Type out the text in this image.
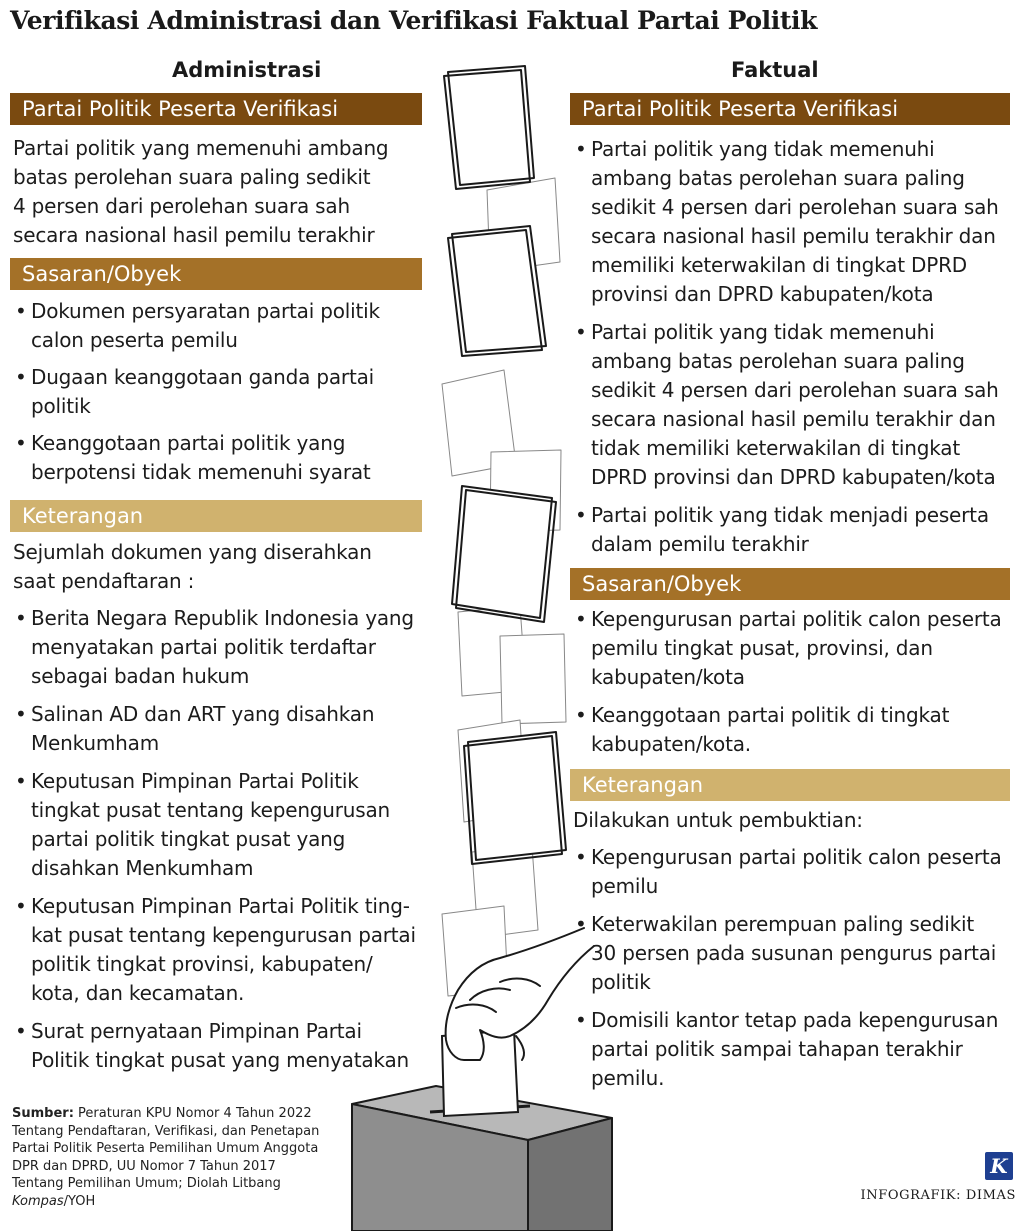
Verifikasi Administrasi dan Verifikasi Faktual Partai Politik
Administrasi	Faktual
Partai Politik Peserta Verifikasi

Partai politik yang memenuhi ambang

batas perolehan suara paling sedikit

4 persen dari perolehan suara sah

secara nasional hasil pemilu terakhir

Sasaran/Obyek

• Dokumen persyaratan partai politik

calon peserta pemilu

• Dugaan keanggotaan ganda partai

politik

• Keanggotaan partai politik yang

berpotensi tidak memenuhi syarat

Keterangan

Sejumlah dokumen yang diserahkan

saat pendaftaran :

• Berita Negara Republik Indonesia yang

menyatakan partai politik terdaftar

sebagai badan hukum

• Salinan AD dan ART yang disahkan

Menkumham

• Keputusan Pimpinan Partai Politik

tingkat pusat tentang kepengurusan

partai politik tingkat pusat yang

disahkan Menkumham

• Keputusan Pimpinan Partai Politik ting-

kat pusat tentang kepengurusan partai

politik tingkat provinsi, kabupaten/

kota, dan kecamatan.

• Surat pernyataan Pimpinan Partai

Politik tingkat pusat yang menyatakan

Partai Politik Peserta Verifikasi

• Partai politik yang tidak memenuhi

ambang batas perolehan suara paling

sedikit 4 persen dari perolehan suara sah

secara nasional hasil pemilu terakhir dan

memiliki keterwakilan di tingkat DPRD

provinsi dan DPRD kabupaten/kota

• Partai politik yang tidak memenuhi

ambang batas perolehan suara paling

sedikit 4 persen dari perolehan suara sah

secara nasional hasil pemilu terakhir dan

tidak memiliki keterwakilan di tingkat

DPRD provinsi dan DPRD kabupaten/kota

• Partai politik yang tidak menjadi peserta

dalam pemilu terakhir

Sasaran/Obyek

• Kepengurusan partai politik calon peserta

pemilu tingkat pusat, provinsi, dan

kabupaten/kota

• Keanggotaan partai politik di tingkat

kabupaten/kota.

Keterangan

Dilakukan untuk pembuktian:

• Kepengurusan partai politik calon peserta

pemilu

• Keterwakilan perempuan paling sedikit

30 persen pada susunan pengurus partai

politik

• Domisili kantor tetap pada kepengurusan

partai politik sampai tahapan terakhir

pemilu.

Sumber: Peraturan KPU Nomor 4 Tahun 2022
Tentang Pendaftaran, Verifikasi, dan Penetapan
Partai Politik Peserta Pemilihan Umum Anggota
DPR dan DPRD, UU Nomor 7 Tahun 2017
Tentang Pemilihan Umum; Diolah Litbang Kompas/YOH
K
INFOGRAFIK: DIMAS
